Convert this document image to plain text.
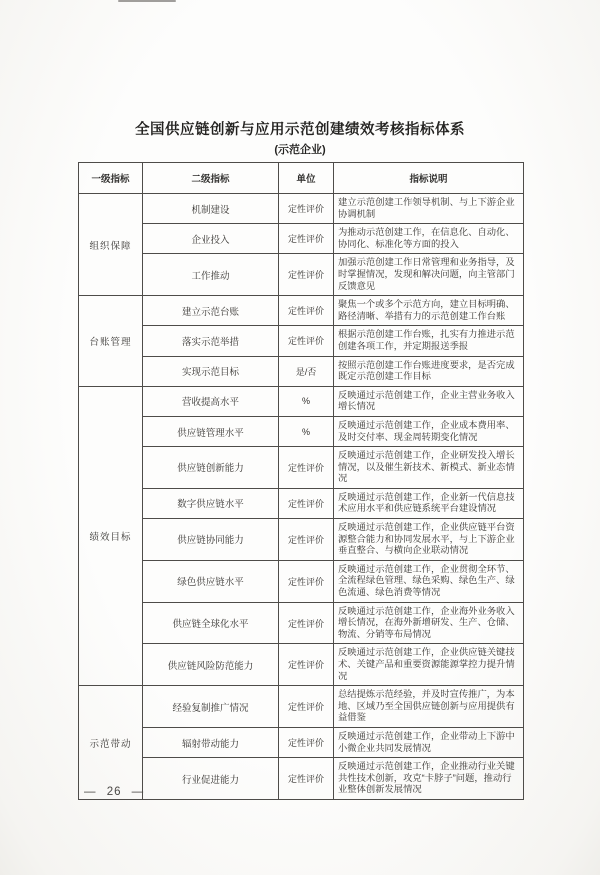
全国供应链创新与应用示范创建绩效考核指标体系
(示范企业)
一级指标	二级指标	单位	指标说明
组织保障	机制建设	定性评价	建立示范创建工作领导机制、与上下游企业协调机制
	企业投入	定性评价	为推动示范创建工作，在信息化、自动化、协同化、标准化等方面的投入
	工作推动	定性评价	加强示范创建工作日常管理和业务指导，及时掌握情况，发现和解决问题，向主管部门反馈意见
台账管理	建立示范台账	定性评价	聚焦一个或多个示范方向，建立目标明确、路径清晰、举措有力的示范创建工作台账
	落实示范举措	定性评价	根据示范创建工作台账，扎实有力推进示范创建各项工作，并定期报送季报
	实现示范目标	是/否	按照示范创建工作台账进度要求，是否完成既定示范创建工作目标
绩效目标	营收提高水平	%	反映通过示范创建工作，企业主营业务收入增长情况
	供应链管理水平	%	反映通过示范创建工作，企业成本费用率、及时交付率、现金周转期变化情况
	供应链创新能力	定性评价	反映通过示范创建工作，企业研发投入增长情况，以及催生新技术、新模式、新业态情况
	数字供应链水平	定性评价	反映通过示范创建工作，企业新一代信息技术应用水平和供应链系统平台建设情况
	供应链协同能力	定性评价	反映通过示范创建工作，企业供应链平台资源整合能力和协同发展水平，与上下游企业垂直整合、与横向企业联动情况
	绿色供应链水平	定性评价	反映通过示范创建工作，企业贯彻全环节、全流程绿色管理、绿色采购、绿色生产、绿色流通、绿色消费等情况
	供应链全球化水平	定性评价	反映通过示范创建工作，企业海外业务收入增长情况，在海外新增研发、生产、仓储、物流、分销等布局情况
	供应链风险防范能力	定性评价	反映通过示范创建工作，企业供应链关键技术、关键产品和重要资源能源掌控力提升情况
示范带动	经验复制推广情况	定性评价	总结提炼示范经验，并及时宣传推广，为本地、区域乃至全国供应链创新与应用提供有益借鉴
	辐射带动能力	定性评价	反映通过示范创建工作，企业带动上下游中小微企业共同发展情况
	行业促进能力	定性评价	反映通过示范创建工作，企业推动行业关键共性技术创新，攻克“卡脖子”问题，推动行业整体创新发展情况
— 26 —
